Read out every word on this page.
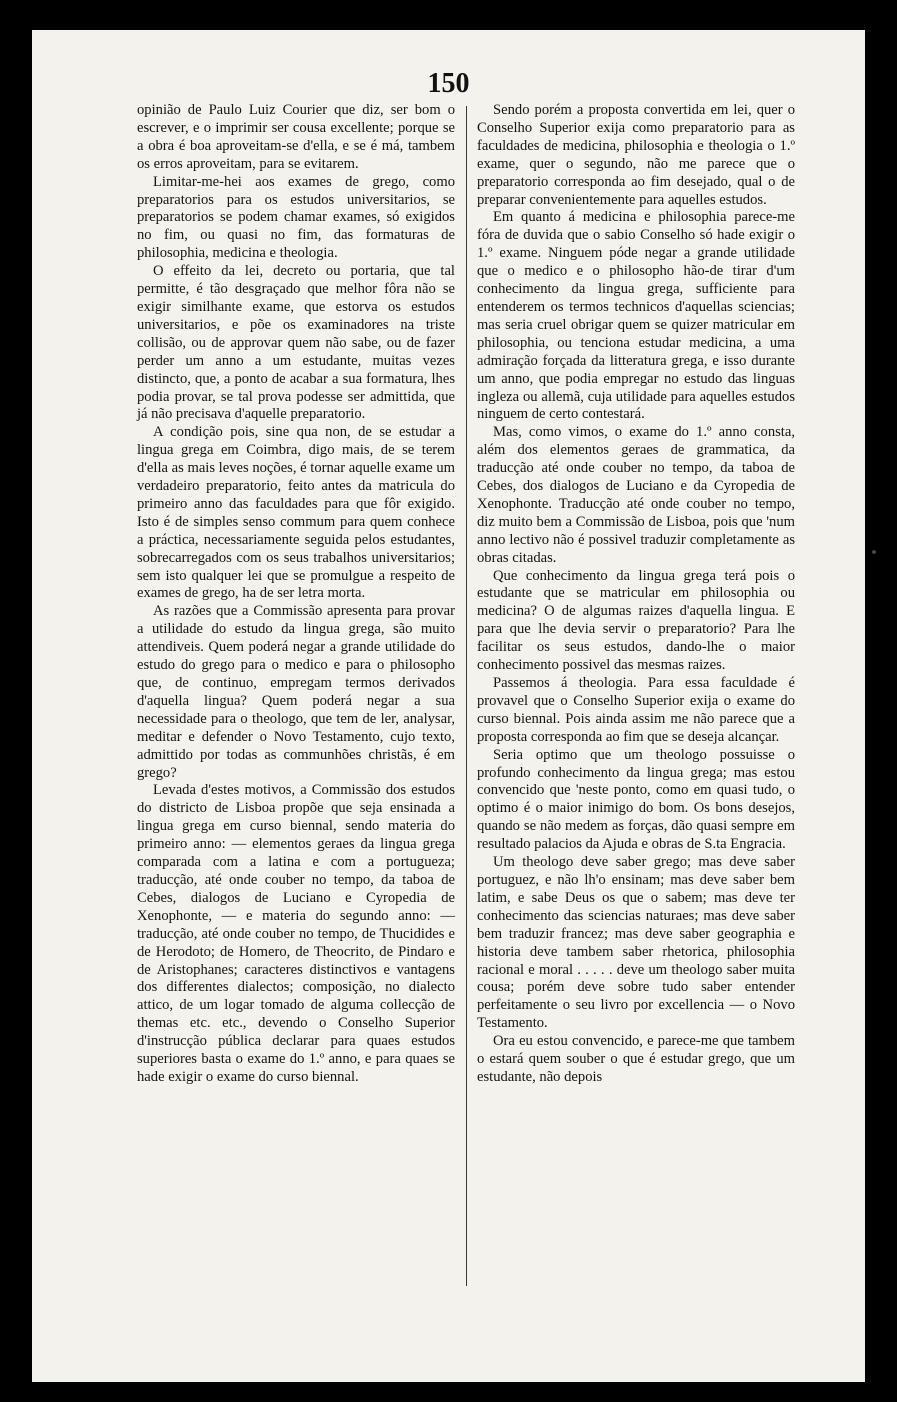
150

opinião de Paulo Luiz Courier que diz, ser bom o escrever, e o imprimir ser cousa excellente; porque se a obra é boa aproveitam-se d'ella, e se é má, tambem os erros aproveitam, para se evitarem.

Limitar-me-hei aos exames de grego, como preparatorios para os estudos universitarios, se preparatorios se podem chamar exames, só exigidos no fim, ou quasi no fim, das formaturas de philosophia, medicina e theologia.

O effeito da lei, decreto ou portaria, que tal permitte, é tão desgraçado que melhor fôra não se exigir similhante exame, que estorva os estudos universitarios, e põe os examinadores na triste collisão, ou de approvar quem não sabe, ou de fazer perder um anno a um estudante, muitas vezes distincto, que, a ponto de acabar a sua formatura, lhes podia provar, se tal prova podesse ser admittida, que já não precisava d'aquelle preparatorio.

A condição pois, sine qua non, de se estudar a lingua grega em Coimbra, digo mais, de se terem d'ella as mais leves noções, é tornar aquelle exame um verdadeiro preparatorio, feito antes da matricula do primeiro anno das faculdades para que fôr exigido. Isto é de simples senso commum para quem conhece a práctica, necessariamente seguida pelos estudantes, sobrecarregados com os seus trabalhos universitarios; sem isto qualquer lei que se promulgue a respeito de exames de grego, ha de ser letra morta.

As razões que a Commissão apresenta para provar a utilidade do estudo da lingua grega, são muito attendiveis. Quem poderá negar a grande utilidade do estudo do grego para o medico e para o philosopho que, de continuo, empregam termos derivados d'aquella lingua? Quem poderá negar a sua necessidade para o theologo, que tem de ler, analysar, meditar e defender o Novo Testamento, cujo texto, admittido por todas as communhões christãs, é em grego?

Levada d'estes motivos, a Commissão dos estudos do districto de Lisboa propõe que seja ensinada a lingua grega em curso biennal, sendo materia do primeiro anno: — elementos geraes da lingua grega comparada com a latina e com a portugueza; traducção, até onde couber no tempo, da taboa de Cebes, dialogos de Luciano e Cyropedia de Xenophonte, — e materia do segundo anno: — traducção, até onde couber no tempo, de Thucidides e de Herodoto; de Homero, de Theocrito, de Pindaro e de Aristophanes; caracteres distinctivos e vantagens dos differentes dialectos; composição, no dialecto attico, de um logar tomado de alguma collecção de themas etc. etc., devendo o Conselho Superior d'instrucção pública declarar para quaes estudos superiores basta o exame do 1.º anno, e para quaes se hade exigir o exame do curso biennal.

Sendo porém a proposta convertida em lei, quer o Conselho Superior exija como preparatorio para as faculdades de medicina, philosophia e theologia o 1.º exame, quer o segundo, não me parece que o preparatorio corresponda ao fim desejado, qual o de preparar convenientemente para aquelles estudos.

Em quanto á medicina e philosophia parece-me fóra de duvida que o sabio Conselho só hade exigir o 1.º exame. Ninguem póde negar a grande utilidade que o medico e o philosopho hão-de tirar d'um conhecimento da lingua grega, sufficiente para entenderem os termos technicos d'aquellas sciencias; mas seria cruel obrigar quem se quizer matricular em philosophia, ou tenciona estudar medicina, a uma admiração forçada da litteratura grega, e isso durante um anno, que podia empregar no estudo das linguas ingleza ou allemã, cuja utilidade para aquelles estudos ninguem de certo contestará.

Mas, como vimos, o exame do 1.º anno consta, além dos elementos geraes de grammatica, da traducção até onde couber no tempo, da taboa de Cebes, dos dialogos de Luciano e da Cyropedia de Xenophonte. Traducção até onde couber no tempo, diz muito bem a Commissão de Lisboa, pois que 'num anno lectivo não é possivel traduzir completamente as obras citadas.

Que conhecimento da lingua grega terá pois o estudante que se matricular em philosophia ou medicina? O de algumas raizes d'aquella lingua. E para que lhe devia servir o preparatorio? Para lhe facilitar os seus estudos, dando-lhe o maior conhecimento possivel das mesmas raizes.

Passemos á theologia. Para essa faculdade é provavel que o Conselho Superior exija o exame do curso biennal. Pois ainda assim me não parece que a proposta corresponda ao fim que se deseja alcançar.

Seria optimo que um theologo possuisse o profundo conhecimento da lingua grega; mas estou convencido que 'neste ponto, como em quasi tudo, o optimo é o maior inimigo do bom. Os bons desejos, quando se não medem as forças, dão quasi sempre em resultado palacios da Ajuda e obras de S.ta Engracia.

Um theologo deve saber grego; mas deve saber portuguez, e não lh'o ensinam; mas deve saber bem latim, e sabe Deus os que o sabem; mas deve ter conhecimento das sciencias naturaes; mas deve saber bem traduzir francez; mas deve saber geographia e historia deve tambem saber rhetorica, philosophia racional e moral . . . . . deve um theologo saber muita cousa; porém deve sobre tudo saber entender perfeitamente o seu livro por excellencia — o Novo Testamento.

Ora eu estou convencido, e parece-me que tambem o estará quem souber o que é estudar grego, que um estudante, não depois
